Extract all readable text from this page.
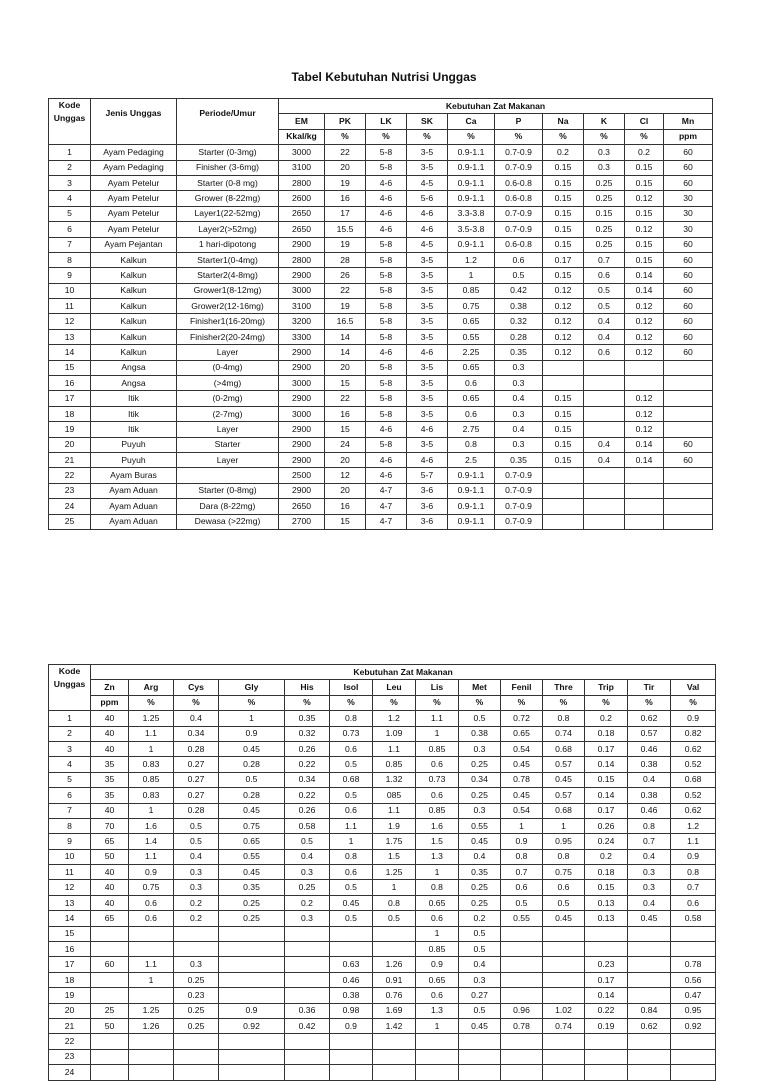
Tabel Kebutuhan Nutrisi Unggas
Kode Unggas	Jenis Unggas	Periode/Umur	Kebutuhan Zat Makanan									
			EM	PK	LK	SK	Ca	P	Na	K	Cl	Mn
			Kkal/kg	%	%	%	%	%	%	%	%	ppm
1	Ayam Pedaging	Starter (0-3mg)	3000	22	5-8	3-5	0.9-1.1	0.7-0.9	0.2	0.3	0.2	60
2	Ayam Pedaging	Finisher (3-6mg)	3100	20	5-8	3-5	0.9-1.1	0.7-0.9	0.15	0.3	0.15	60
3	Ayam Petelur	Starter (0-8 mg)	2800	19	4-6	4-5	0.9-1.1	0.6-0.8	0.15	0.25	0.15	60
4	Ayam Petelur	Grower (8-22mg)	2600	16	4-6	5-6	0.9-1.1	0.6-0.8	0.15	0.25	0.12	30
5	Ayam Petelur	Layer1(22-52mg)	2650	17	4-6	4-6	3.3-3.8	0.7-0.9	0.15	0.15	0.15	30
6	Ayam Petelur	Layer2(>52mg)	2650	15.5	4-6	4-6	3.5-3.8	0.7-0.9	0.15	0.25	0.12	30
7	Ayam Pejantan	1 hari-dipotong	2900	19	5-8	4-5	0.9-1.1	0.6-0.8	0.15	0.25	0.15	60
8	Kalkun	Starter1(0-4mg)	2800	28	5-8	3-5	1.2	0.6	0.17	0.7	0.15	60
9	Kalkun	Starter2(4-8mg)	2900	26	5-8	3-5	1	0.5	0.15	0.6	0.14	60
10	Kalkun	Grower1(8-12mg)	3000	22	5-8	3-5	0.85	0.42	0.12	0.5	0.14	60
11	Kalkun	Grower2(12-16mg)	3100	19	5-8	3-5	0.75	0.38	0.12	0.5	0.12	60
12	Kalkun	Finisher1(16-20mg)	3200	16.5	5-8	3-5	0.65	0.32	0.12	0.4	0.12	60
13	Kalkun	Finisher2(20-24mg)	3300	14	5-8	3-5	0.55	0.28	0.12	0.4	0.12	60
14	Kalkun	Layer	2900	14	4-6	4-6	2.25	0.35	0.12	0.6	0.12	60
15	Angsa	(0-4mg)	2900	20	5-8	3-5	0.65	0.3				
16	Angsa	(>4mg)	3000	15	5-8	3-5	0.6	0.3				
17	Itik	(0-2mg)	2900	22	5-8	3-5	0.65	0.4	0.15		0.12	
18	Itik	(2-7mg)	3000	16	5-8	3-5	0.6	0.3	0.15		0.12	
19	Itik	Layer	2900	15	4-6	4-6	2.75	0.4	0.15		0.12	
20	Puyuh	Starter	2900	24	5-8	3-5	0.8	0.3	0.15	0.4	0.14	60
21	Puyuh	Layer	2900	20	4-6	4-6	2.5	0.35	0.15	0.4	0.14	60
22	Ayam Buras		2500	12	4-6	5-7	0.9-1.1	0.7-0.9				
23	Ayam Aduan	Starter (0-8mg)	2900	20	4-7	3-6	0.9-1.1	0.7-0.9				
24	Ayam Aduan	Dara (8-22mg)	2650	16	4-7	3-6	0.9-1.1	0.7-0.9				
25	Ayam Aduan	Dewasa (>22mg)	2700	15	4-7	3-6	0.9-1.1	0.7-0.9				
Kode Unggas	Kebutuhan Zat Makanan													
	Zn	Arg	Cys	Gly	His	Isol	Leu	Lis	Met	Fenil	Thre	Trip	Tir	Val
	ppm	%	%	%	%	%	%	%	%	%	%	%	%	%
1	40	1.25	0.4	1	0.35	0.8	1.2	1.1	0.5	0.72	0.8	0.2	0.62	0.9
2	40	1.1	0.34	0.9	0.32	0.73	1.09	1	0.38	0.65	0.74	0.18	0.57	0.82
3	40	1	0.28	0.45	0.26	0.6	1.1	0.85	0.3	0.54	0.68	0.17	0.46	0.62
4	35	0.83	0.27	0.28	0.22	0.5	0.85	0.6	0.25	0.45	0.57	0.14	0.38	0.52
5	35	0.85	0.27	0.5	0.34	0.68	1.32	0.73	0.34	0.78	0.45	0.15	0.4	0.68
6	35	0.83	0.27	0.28	0.22	0.5	085	0.6	0.25	0.45	0.57	0.14	0.38	0.52
7	40	1	0.28	0.45	0.26	0.6	1.1	0.85	0.3	0.54	0.68	0.17	0.46	0.62
8	70	1.6	0.5	0.75	0.58	1.1	1.9	1.6	0.55	1	1	0.26	0.8	1.2
9	65	1.4	0.5	0.65	0.5	1	1.75	1.5	0.45	0.9	0.95	0.24	0.7	1.1
10	50	1.1	0.4	0.55	0.4	0.8	1.5	1.3	0.4	0.8	0.8	0.2	0.4	0.9
11	40	0.9	0.3	0.45	0.3	0.6	1.25	1	0.35	0.7	0.75	0.18	0.3	0.8
12	40	0.75	0.3	0.35	0.25	0.5	1	0.8	0.25	0.6	0.6	0.15	0.3	0.7
13	40	0.6	0.2	0.25	0.2	0.45	0.8	0.65	0.25	0.5	0.5	0.13	0.4	0.6
14	65	0.6	0.2	0.25	0.3	0.5	0.5	0.6	0.2	0.55	0.45	0.13	0.45	0.58
15								1	0.5					
16								0.85	0.5					
17	60	1.1	0.3			0.63	1.26	0.9	0.4			0.23		0.78
18		1	0.25			0.46	0.91	0.65	0.3			0.17		0.56
19			0.23			0.38	0.76	0.6	0.27			0.14		0.47
20	25	1.25	0.25	0.9	0.36	0.98	1.69	1.3	0.5	0.96	1.02	0.22	0.84	0.95
21	50	1.26	0.25	0.92	0.42	0.9	1.42	1	0.45	0.78	0.74	0.19	0.62	0.92
22														
23														
24														
